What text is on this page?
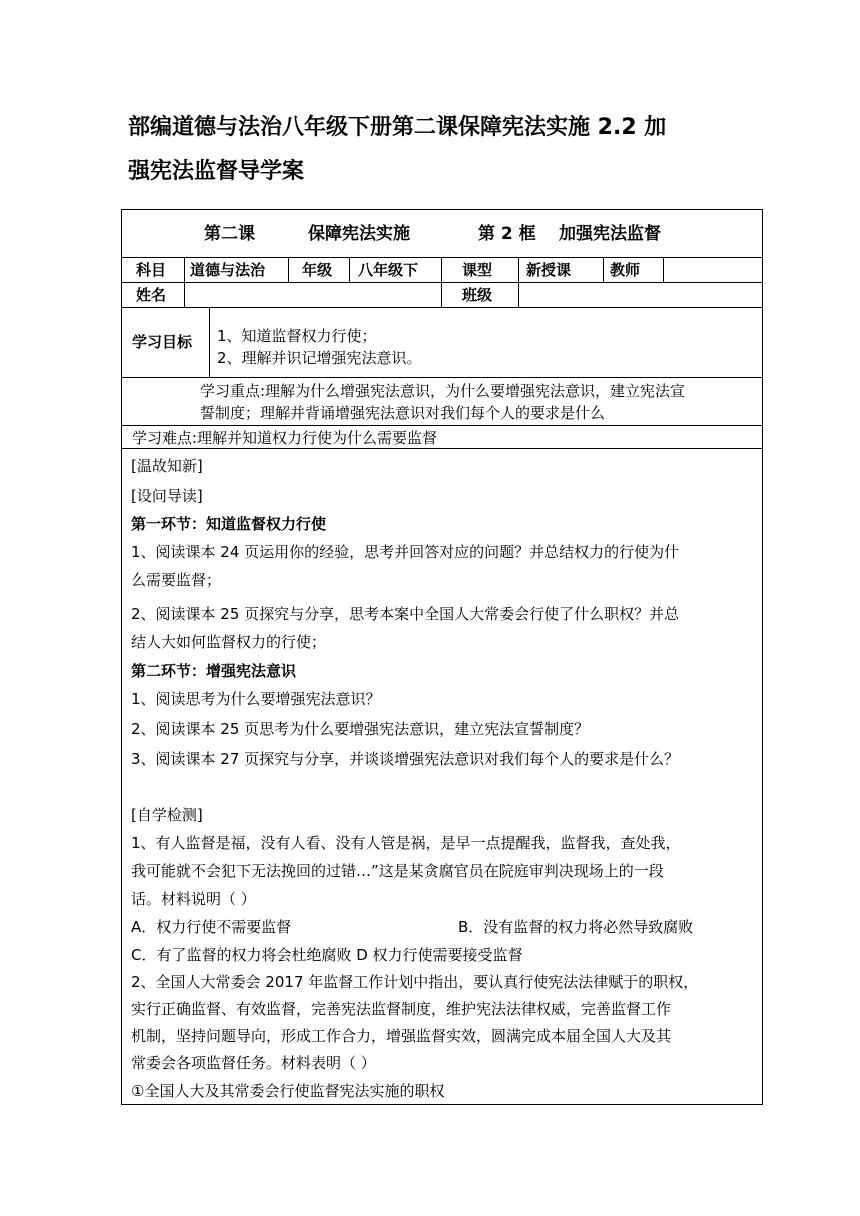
部编道德与法治八年级下册第二课保障宪法实施 2.2 加
强宪法监督导学案
第二课	保障宪法实施	第 2 框 加强宪法监督
科目 道德与法治 年级 八年级下	课型 新授课	教师
姓名	班级
学习目标 1、知道监督权力行使；
2、理解并识记增强宪法意识。
学习重点:理解为什么增强宪法意识，为什么要增强宪法意识，建立宪法宣
誓制度；理解并背诵增强宪法意识对我们每个人的要求是什么
学习难点:理解并知道权力行使为什么需要监督
[温故知新]
[设问导读]
第一环节：知道监督权力行使
1、阅读课本 24 页运用你的经验，思考并回答对应的问题？并总结权力的行使为什
么需要监督；
2、阅读课本 25 页探究与分享，思考本案中全国人大常委会行使了什么职权？并总
结人大如何监督权力的行使；
第二环节：增强宪法意识
1、阅读思考为什么要增强宪法意识？
2、阅读课本 25 页思考为什么要增强宪法意识，建立宪法宣誓制度？
3、阅读课本 27 页探究与分享，并谈谈增强宪法意识对我们每个人的要求是什么？
[自学检测]
1、有人监督是福，没有人看、没有人管是祸，是早一点提醒我，监督我，查处我，
我可能就不会犯下无法挽回的过错…”这是某贪腐官员在院庭审判决现场上的一段
话。材料说明（ ）
A．权力行使不需要监督	B．没有监督的权力将必然导致腐败
C．有了监督的权力将会杜绝腐败 D 权力行使需要接受监督
2、全国人大常委会 2017 年监督工作计划中指出，要认真行使宪法法律赋于的职权，
实行正确监督、有效监督，完善宪法监督制度，维护宪法法律权威，完善监督工作
机制，坚持问题导向，形成工作合力，增强监督实效，圆满完成本届全国人大及其
常委会各项监督任务。材料表明（ ）
①全国人大及其常委会行使监督宪法实施的职权
